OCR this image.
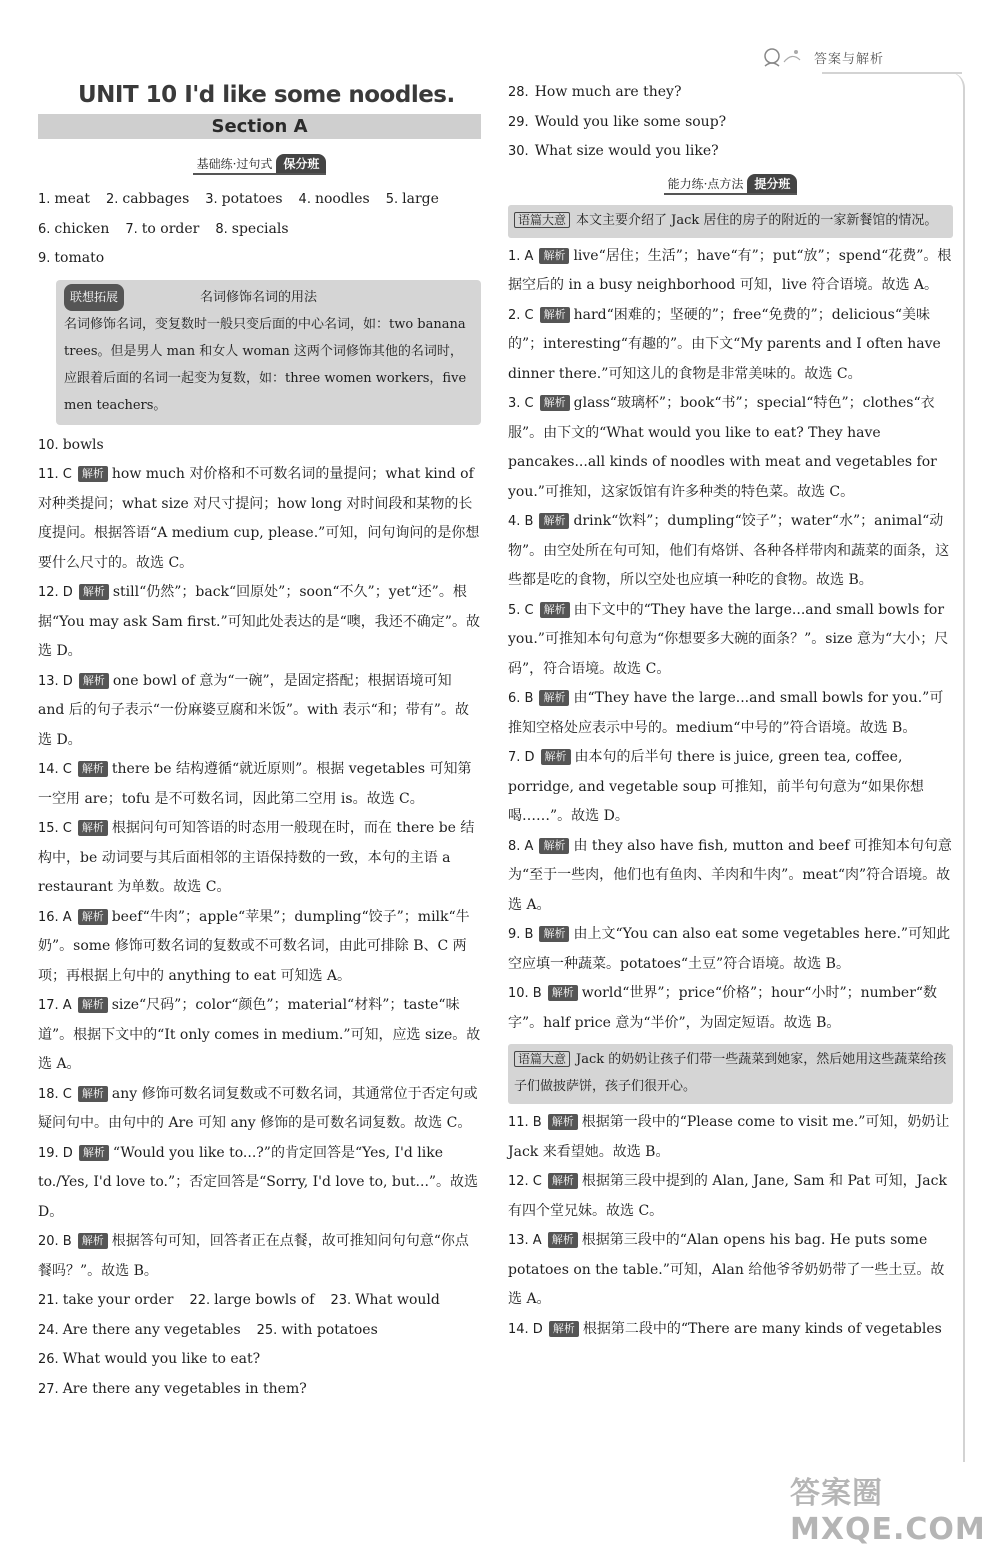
答案与解析
UNIT 10 I'd like some noodles.
Section A
基础练·过句式 保分班
1. meat 2. cabbages 3. potatoes 4. noodles 5. large
6. chicken 7. to order 8. specials
9. tomato
联想拓展	名词修饰名词的用法
名词修饰名词，变复数时一般只变后面的中心名词，如：two banana trees。但是男人 man 和女人 woman 这两个词修饰其他的名词时，应跟着后面的名词一起变为复数，如：three women workers，five men teachers。
10. bowls
11. C 解析 how much 对价格和不可数名词的量提问；what kind of 对种类提问；what size 对尺寸提问；how long 对时间段和某物的长度提问。根据答语“A medium cup, please.”可知，问句询问的是你想要什么尺寸的。故选 C。
12. D 解析 still“仍然”；back“回原处”；soon“不久”；yet“还”。根据“You may ask Sam first.”可知此处表达的是“噢，我还不确定”。故选 D。
13. D 解析 one bowl of 意为“一碗”，是固定搭配；根据语境可知 and 后的句子表示“一份麻婆豆腐和米饭”。with 表示“和；带有”。故选 D。
14. C 解析 there be 结构遵循“就近原则”。根据 vegetables 可知第一空用 are；tofu 是不可数名词，因此第二空用 is。故选 C。
15. C 解析 根据问句可知答语的时态用一般现在时，而在 there be 结构中，be 动词要与其后面相邻的主语保持数的一致，本句的主语 a restaurant 为单数。故选 C。
16. A 解析 beef“牛肉”；apple“苹果”；dumpling“饺子”；milk“牛奶”。some 修饰可数名词的复数或不可数名词，由此可排除 B、C 两项；再根据上句中的 anything to eat 可知选 A。
17. A 解析 size“尺码”；color“颜色”；material“材料”；taste“味道”。根据下文中的“It only comes in medium.”可知，应选 size。故选 A。
18. C 解析 any 修饰可数名词复数或不可数名词，其通常位于否定句或疑问句中。由句中的 Are 可知 any 修饰的是可数名词复数。故选 C。
19. D 解析 “Would you like to...?”的肯定回答是“Yes, I'd like to./Yes, I'd love to.”；否定回答是“Sorry, I'd love to, but...”。故选 D。
20. B 解析 根据答句可知，回答者正在点餐，故可推知问句句意“你点餐吗？”。故选 B。
21. take your order 22. large bowls of 23. What would
24. Are there any vegetables 25. with potatoes
26. What would you like to eat?
27. Are there any vegetables in them?
28. How much are they?
29. Would you like some soup?
30. What size would you like?
能力练·点方法 提分班
语篇大意 本文主要介绍了 Jack 居住的房子的附近的一家新餐馆的情况。
1. A 解析 live“居住；生活”；have“有”；put“放”；spend“花费”。根据空后的 in a busy neighborhood 可知，live 符合语境。故选 A。
2. C 解析 hard“困难的；坚硬的”；free“免费的”；delicious“美味的”；interesting“有趣的”。由下文“My parents and I often have dinner there.”可知这儿的食物是非常美味的。故选 C。
3. C 解析 glass“玻璃杯”；book“书”；special“特色”；clothes“衣服”。由下文的“What would you like to eat? They have pancakes...all kinds of noodles with meat and vegetables for you.”可推知，这家饭馆有许多种类的特色菜。故选 C。
4. B 解析 drink“饮料”；dumpling“饺子”；water“水”；animal“动物”。由空处所在句可知，他们有烙饼、各种各样带肉和蔬菜的面条，这些都是吃的食物，所以空处也应填一种吃的食物。故选 B。
5. C 解析 由下文中的“They have the large...and small bowls for you.”可推知本句句意为“你想要多大碗的面条？”。size 意为“大小；尺码”，符合语境。故选 C。
6. B 解析 由“They have the large...and small bowls for you.”可推知空格处应表示中号的。medium“中号的”符合语境。故选 B。
7. D 解析 由本句的后半句 there is juice, green tea, coffee, porridge, and vegetable soup 可推知，前半句句意为“如果你想喝……”。故选 D。
8. A 解析 由 they also have fish, mutton and beef 可推知本句句意为“至于一些肉，他们也有鱼肉、羊肉和牛肉”。meat“肉”符合语境。故选 A。
9. B 解析 由上文“You can also eat some vegetables here.”可知此空应填一种蔬菜。potatoes“土豆”符合语境。故选 B。
10. B 解析 world“世界”；price“价格”；hour“小时”；number“数字”。half price 意为“半价”，为固定短语。故选 B。
语篇大意 Jack 的奶奶让孩子们带一些蔬菜到她家，然后她用这些蔬菜给孩子们做披萨饼，孩子们很开心。
11. B 解析 根据第一段中的“Please come to visit me.”可知，奶奶让 Jack 来看望她。故选 B。
12. C 解析 根据第三段中提到的 Alan, Jane, Sam 和 Pat 可知，Jack 有四个堂兄妹。故选 C。
13. A 解析 根据第三段中的“Alan opens his bag. He puts some potatoes on the table.”可知，Alan 给他爷爷奶奶带了一些土豆。故选 A。
14. D 解析 根据第二段中的“There are many kinds of vegetables
答案圈 MXQE.COM
